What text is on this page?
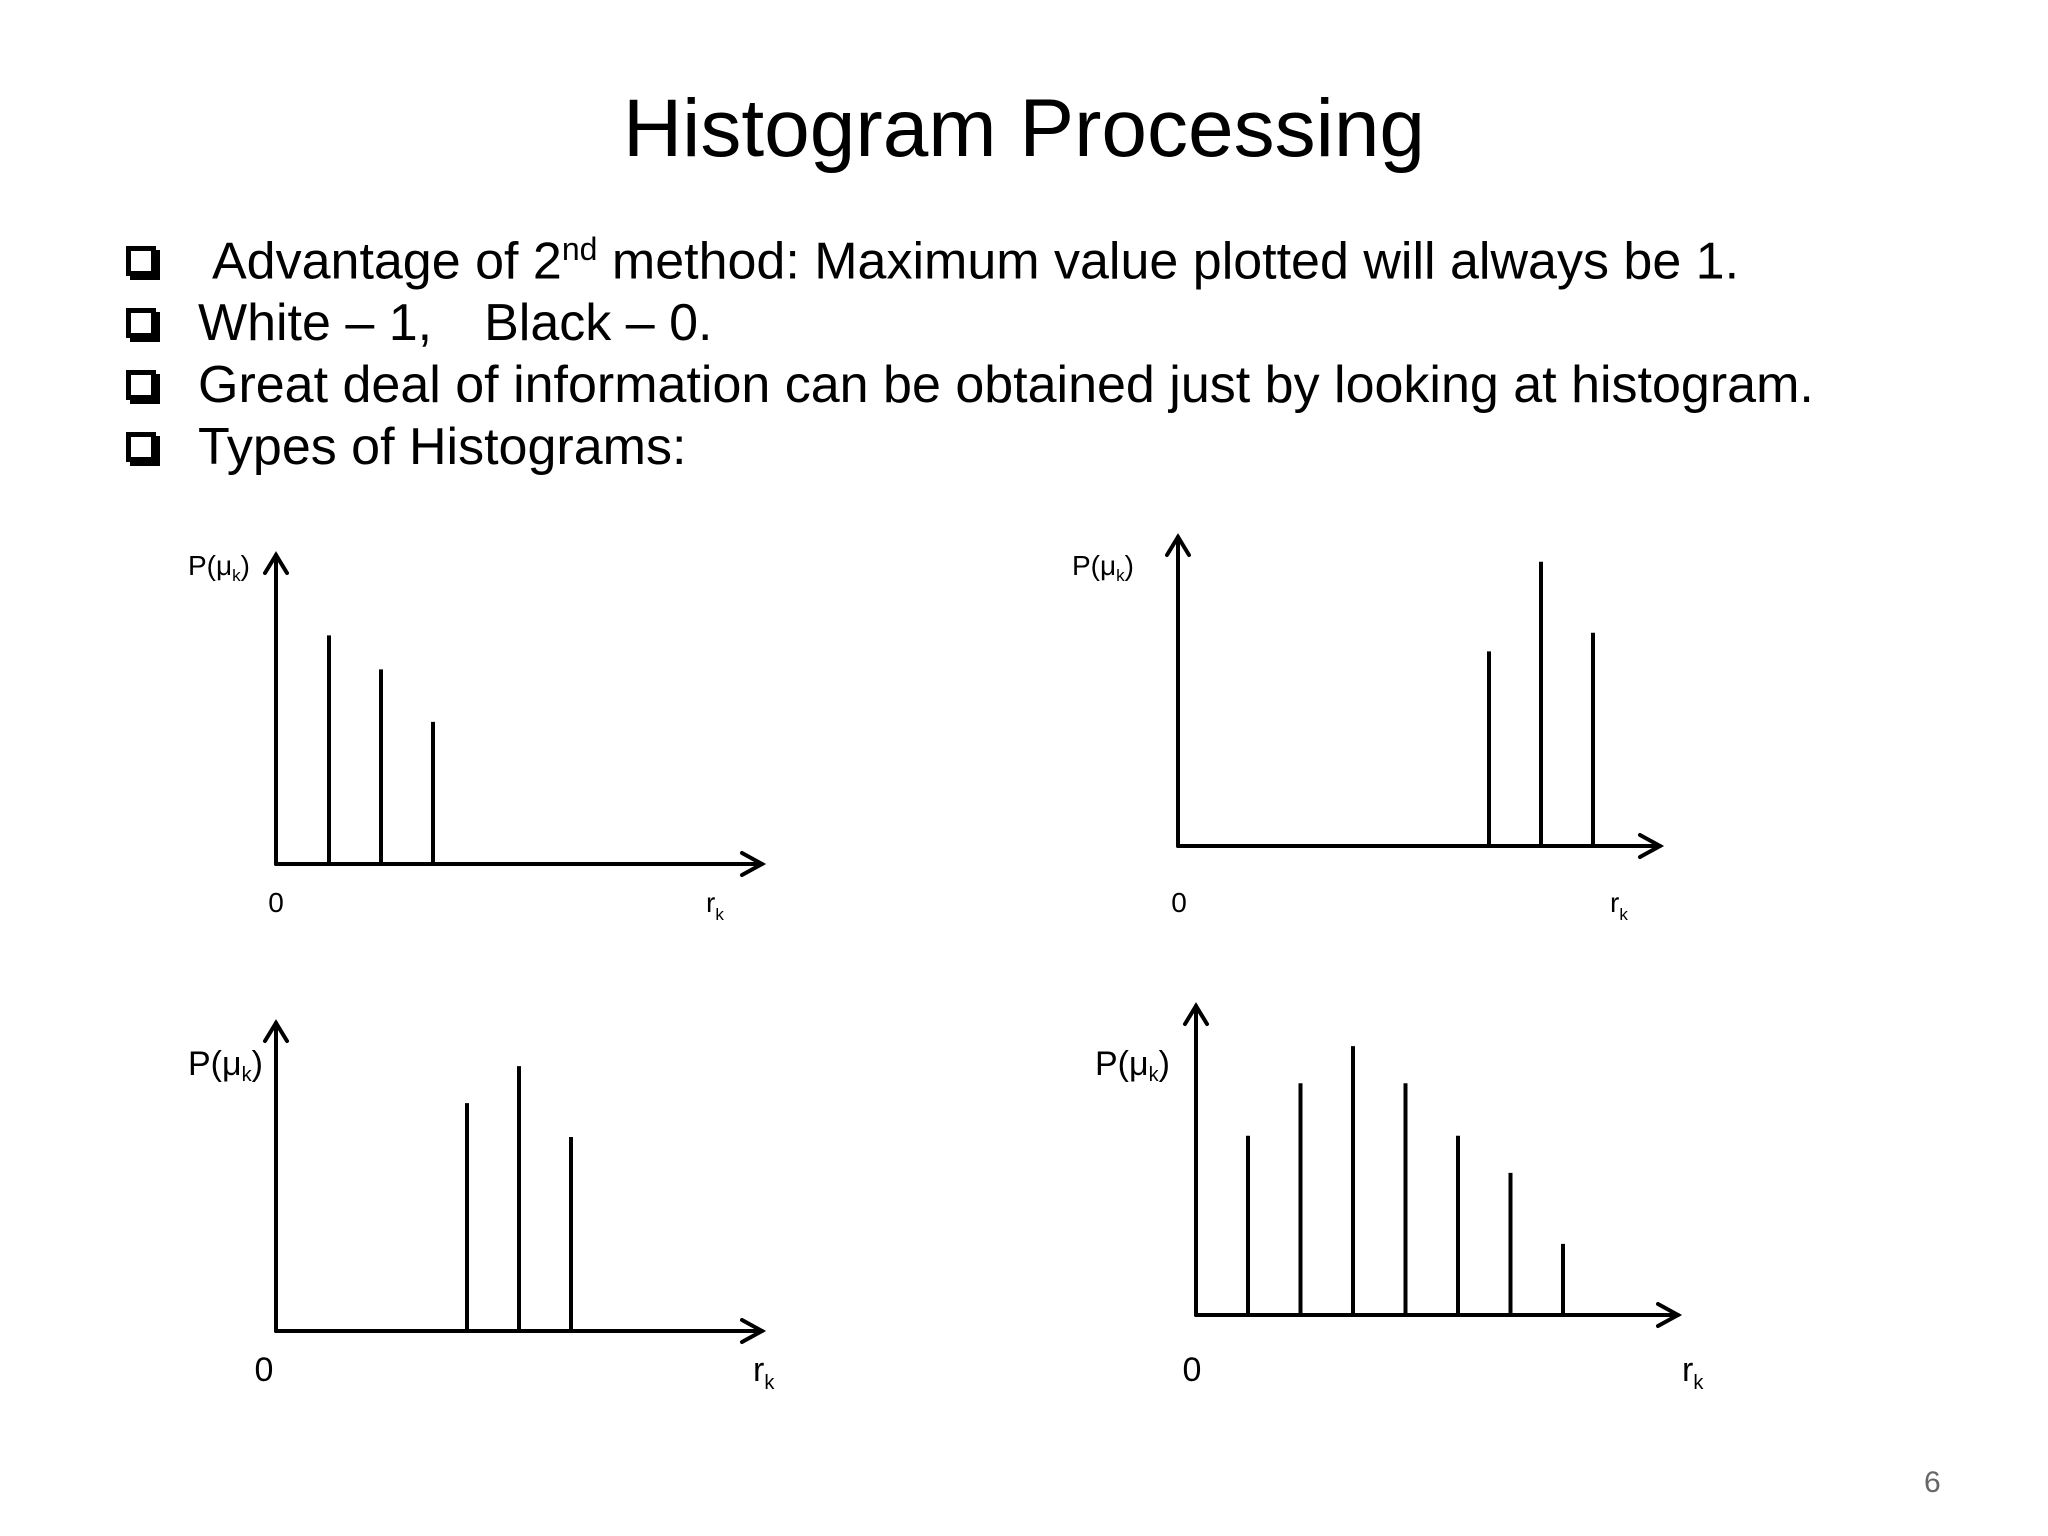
Histogram Processing
Advantage of 2nd method: Maximum value plotted will always be 1.
White – 1, Black – 0.
Great deal of information can be obtained just by looking at histogram.
Types of Histograms:
$P(\mu_k)$
0	$r_k$
$P(\mu_k)$
0	$r_k$
P(μk)
0	$r_k$
P(μk)
0	$r_k$
6
